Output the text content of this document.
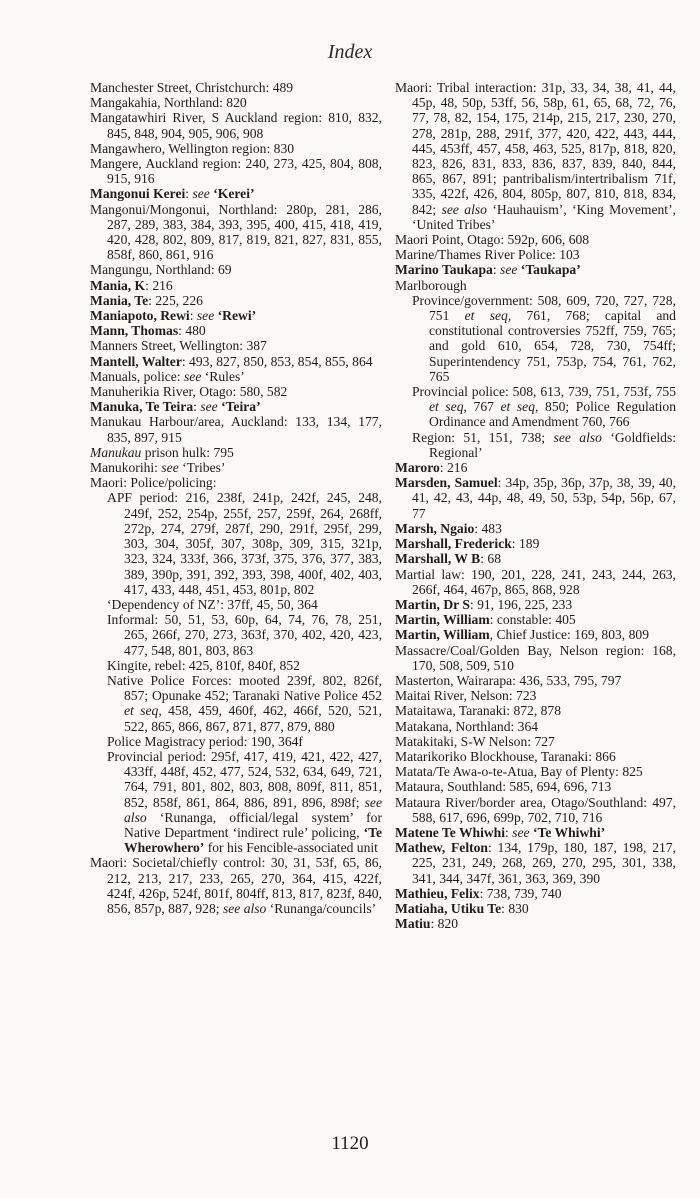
Index

Manchester Street, Christchurch: 489

Mangakahia, Northland: 820

Mangatawhiri River, S Auckland region: 810, 832, 845, 848, 904, 905, 906, 908

Mangawhero, Wellington region: 830

Mangere, Auckland region: 240, 273, 425, 804, 808, 915, 916

Mangonui Kerei: see ‘Kerei’

Mangonui/Mongonui, Northland: 280p, 281, 286, 287, 289, 383, 384, 393, 395, 400, 415, 418, 419, 420, 428, 802, 809, 817, 819, 821, 827, 831, 855, 858f, 860, 861, 916

Mangungu, Northland: 69

Mania, K: 216

Mania, Te: 225, 226

Maniapoto, Rewi: see ‘Rewi’

Mann, Thomas: 480

Manners Street, Wellington: 387

Mantell, Walter: 493, 827, 850, 853, 854, 855, 864

Manuals, police: see ‘Rules’

Manuherikia River, Otago: 580, 582

Manuka, Te Teira: see ‘Teira’

Manukau Harbour/area, Auckland: 133, 134, 177, 835, 897, 915

Manukau prison hulk: 795

Manukorihi: see ‘Tribes’

Maori: Police/policing:

APF period: 216, 238f, 241p, 242f, 245, 248, 249f, 252, 254p, 255f, 257, 259f, 264, 268ff, 272p, 274, 279f, 287f, 290, 291f, 295f, 299, 303, 304, 305f, 307, 308p, 309, 315, 321p, 323, 324, 333f, 366, 373f, 375, 376, 377, 383, 389, 390p, 391, 392, 393, 398, 400f, 402, 403, 417, 433, 448, 451, 453, 801p, 802

‘Dependency of NZ’: 37ff, 45, 50, 364

Informal: 50, 51, 53, 60p, 64, 74, 76, 78, 251, 265, 266f, 270, 273, 363f, 370, 402, 420, 423, 477, 548, 801, 803, 863

Kingite, rebel: 425, 810f, 840f, 852

Native Police Forces: mooted 239f, 802, 826f, 857; Opunake 452; Taranaki Native Police 452 et seq, 458, 459, 460f, 462, 466f, 520, 521, 522, 865, 866, 867, 871, 877, 879, 880

Police Magistracy period: 190, 364f

Provincial period: 295f, 417, 419, 421, 422, 427, 433ff, 448f, 452, 477, 524, 532, 634, 649, 721, 764, 791, 801, 802, 803, 808, 809f, 811, 851, 852, 858f, 861, 864, 886, 891, 896, 898f; see also ‘Runanga, official/legal system’ for Native Department ‘indirect rule’ policing, ‘Te Wherowhero’ for his Fencible-associated unit

Maori: Societal/chiefly control: 30, 31, 53f, 65, 86, 212, 213, 217, 233, 265, 270, 364, 415, 422f, 424f, 426p, 524f, 801f, 804ff, 813, 817, 823f, 840, 856, 857p, 887, 928; see also ‘Runanga/councils’

Maori: Tribal interaction: 31p, 33, 34, 38, 41, 44, 45p, 48, 50p, 53ff, 56, 58p, 61, 65, 68, 72, 76, 77, 78, 82, 154, 175, 214p, 215, 217, 230, 270, 278, 281p, 288, 291f, 377, 420, 422, 443, 444, 445, 453ff, 457, 458, 463, 525, 817p, 818, 820, 823, 826, 831, 833, 836, 837, 839, 840, 844, 865, 867, 891; pantribalism/intertribalism 71f, 335, 422f, 426, 804, 805p, 807, 810, 818, 834, 842; see also ‘Hauhauism’, ‘King Movement’, ‘United Tribes’

Maori Point, Otago: 592p, 606, 608

Marine/Thames River Police: 103

Marino Taukapa: see ‘Taukapa’

Marlborough

Province/government: 508, 609, 720, 727, 728, 751 et seq, 761, 768; capital and constitutional controversies 752ff, 759, 765; and gold 610, 654, 728, 730, 754ff; Superintendency 751, 753p, 754, 761, 762, 765

Provincial police: 508, 613, 739, 751, 753f, 755 et seq, 767 et seq, 850; Police Regulation Ordinance and Amendment 760, 766

Region: 51, 151, 738; see also ‘Goldfields: Regional’

Maroro: 216

Marsden, Samuel: 34p, 35p, 36p, 37p, 38, 39, 40, 41, 42, 43, 44p, 48, 49, 50, 53p, 54p, 56p, 67, 77

Marsh, Ngaio: 483

Marshall, Frederick: 189

Marshall, W B: 68

Martial law: 190, 201, 228, 241, 243, 244, 263, 266f, 464, 467p, 865, 868, 928

Martin, Dr S: 91, 196, 225, 233

Martin, William: constable: 405

Martin, William, Chief Justice: 169, 803, 809

Massacre/Coal/Golden Bay, Nelson region: 168, 170, 508, 509, 510

Masterton, Wairarapa: 436, 533, 795, 797

Maitai River, Nelson: 723

Mataitawa, Taranaki: 872, 878

Matakana, Northland: 364

Matakitaki, S-W Nelson: 727

Matarikoriko Blockhouse, Taranaki: 866

Matata/Te Awa-o-te-Atua, Bay of Plenty: 825

Mataura, Southland: 585, 694, 696, 713

Mataura River/border area, Otago/Southland: 497, 588, 617, 696, 699p, 702, 710, 716

Matene Te Whiwhi: see ‘Te Whiwhi’

Mathew, Felton: 134, 179p, 180, 187, 198, 217, 225, 231, 249, 268, 269, 270, 295, 301, 338, 341, 344, 347f, 361, 363, 369, 390

Mathieu, Felix: 738, 739, 740

Matiaha, Utiku Te: 830

Matiu: 820

1120
